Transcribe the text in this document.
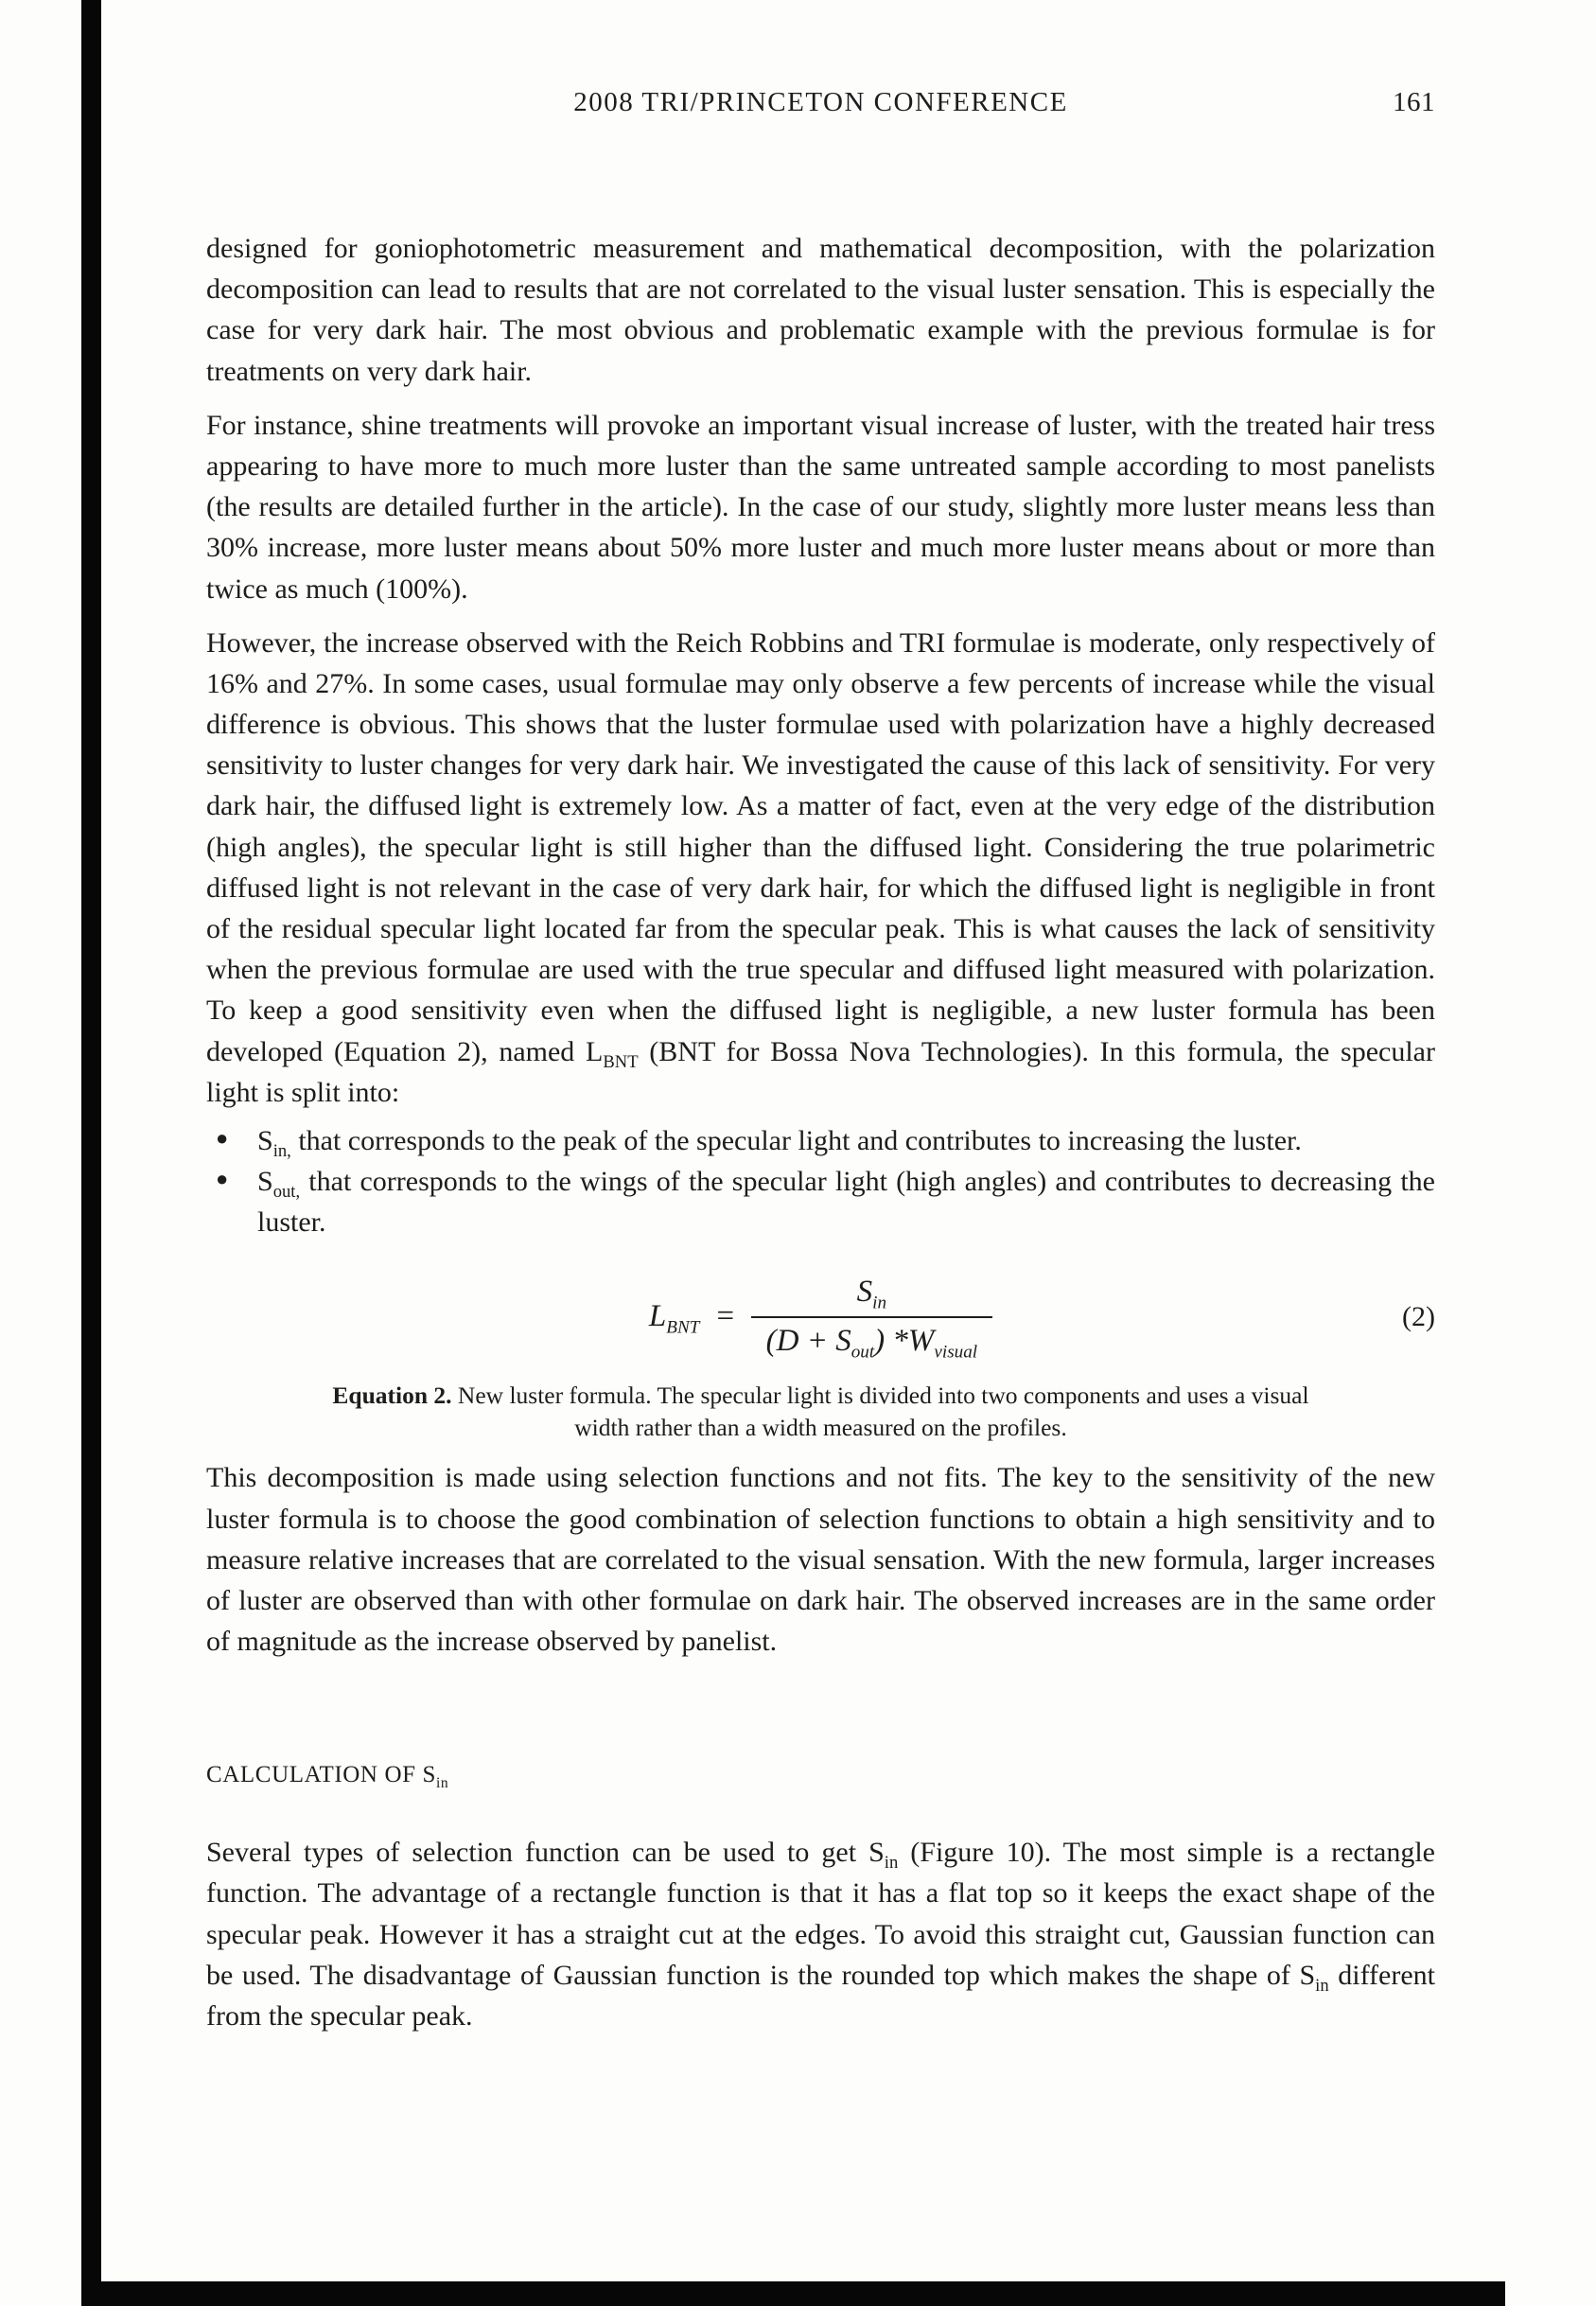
2008 TRI/PRINCETON CONFERENCE	161

designed for goniophotometric measurement and mathematical decomposition, with the polarization decomposition can lead to results that are not correlated to the visual luster sensation. This is especially the case for very dark hair. The most obvious and problematic example with the previous formulae is for treatments on very dark hair.

For instance, shine treatments will provoke an important visual increase of luster, with the treated hair tress appearing to have more to much more luster than the same untreated sample according to most panelists (the results are detailed further in the article). In the case of our study, slightly more luster means less than 30% increase, more luster means about 50% more luster and much more luster means about or more than twice as much (100%).

However, the increase observed with the Reich Robbins and TRI formulae is moderate, only respectively of 16% and 27%. In some cases, usual formulae may only observe a few percents of increase while the visual difference is obvious. This shows that the luster formulae used with polarization have a highly decreased sensitivity to luster changes for very dark hair. We investigated the cause of this lack of sensitivity. For very dark hair, the diffused light is extremely low. As a matter of fact, even at the very edge of the distribution (high angles), the specular light is still higher than the diffused light. Considering the true polarimetric diffused light is not relevant in the case of very dark hair, for which the diffused light is negligible in front of the residual specular light located far from the specular peak. This is what causes the lack of sensitivity when the previous formulae are used with the true specular and diffused light measured with polarization. To keep a good sensitivity even when the diffused light is negligible, a new luster formula has been developed (Equation 2), named $L_{BNT}$ (BNT for Bossa Nova Technologies). In this formula, the specular light is split into:

●	$S_{in,}$ that corresponds to the peak of the specular light and contributes to increasing the luster.
●	$S_{out,}$ that corresponds to the wings of the specular light (high angles) and contributes to decreasing the luster.
$L_{BNT} = \frac{S_{in}}{(D + S_{out}) *W_{visual}}$	(2)

Equation 2. New luster formula. The specular light is divided into two components and uses a visual width rather than a width measured on the profiles.

This decomposition is made using selection functions and not fits. The key to the sensitivity of the new luster formula is to choose the good combination of selection functions to obtain a high sensitivity and to measure relative increases that are correlated to the visual sensation. With the new formula, larger increases of luster are observed than with other formulae on dark hair. The observed increases are in the same order of magnitude as the increase observed by panelist.

CALCULATION OF $S_{in}$

Several types of selection function can be used to get $S_{in}$ (Figure 10). The most simple is a rectangle function. The advantage of a rectangle function is that it has a flat top so it keeps the exact shape of the specular peak. However it has a straight cut at the edges. To avoid this straight cut, Gaussian function can be used. The disadvantage of Gaussian function is the rounded top which makes the shape of $S_{in}$ different from the specular peak.
